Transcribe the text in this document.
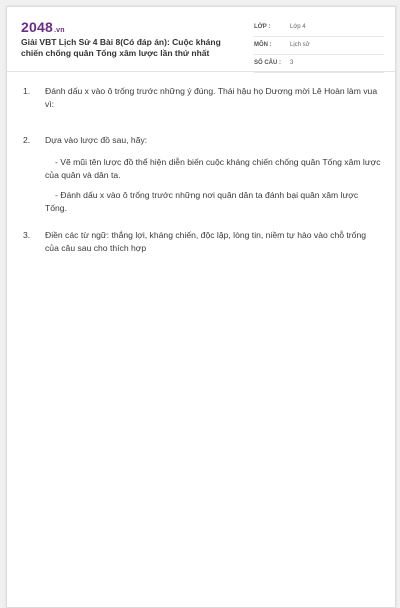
2048.vn
Giải VBT Lịch Sử 4 Bài 8(Có đáp án): Cuộc kháng chiến chống quân Tống xâm lược lần thứ nhất
LỚP :	Lớp 4
MÔN :	Lịch sử
SỐ CÂU : 3
1. Đánh dấu x vào ô trống trước những ý đúng. Thái hậu họ Dương mời Lê Hoàn làm vua vì:
2. Dựa vào lược đồ sau, hãy:
- Vẽ mũi tên lược đồ thể hiện diễn biến cuộc kháng chiến chống quân Tống xâm lược của quân và dân ta.
- Đánh dấu x vào ô trống trước những nơi quân dân ta đánh bại quân xâm lược Tống.
3. Điền các từ ngữ: thắng lợi, kháng chiến, độc lập, lòng tin, niềm tự hào vào chỗ trống của câu sau cho thích hợp
